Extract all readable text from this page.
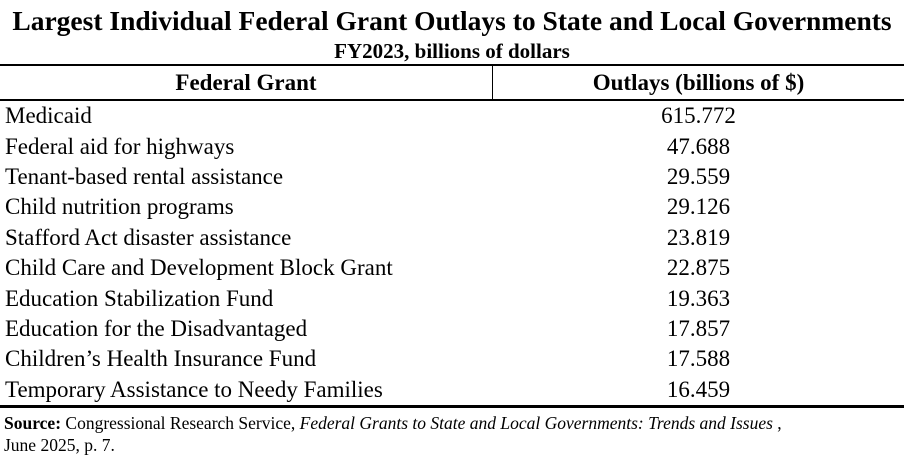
Largest Individual Federal Grant Outlays to State and Local Governments
FY2023, billions of dollars
Federal Grant	Outlays (billions of $)
Medicaid	615.772
Federal aid for highways	47.688
Tenant-based rental assistance	29.559
Child nutrition programs	29.126
Stafford Act disaster assistance	23.819
Child Care and Development Block Grant	22.875
Education Stabilization Fund	19.363
Education for the Disadvantaged	17.857
Children’s Health Insurance Fund	17.588
Temporary Assistance to Needy Families	16.459
Source: Congressional Research Service, Federal Grants to State and Local Governments: Trends and Issues ,
June 2025, p. 7.
